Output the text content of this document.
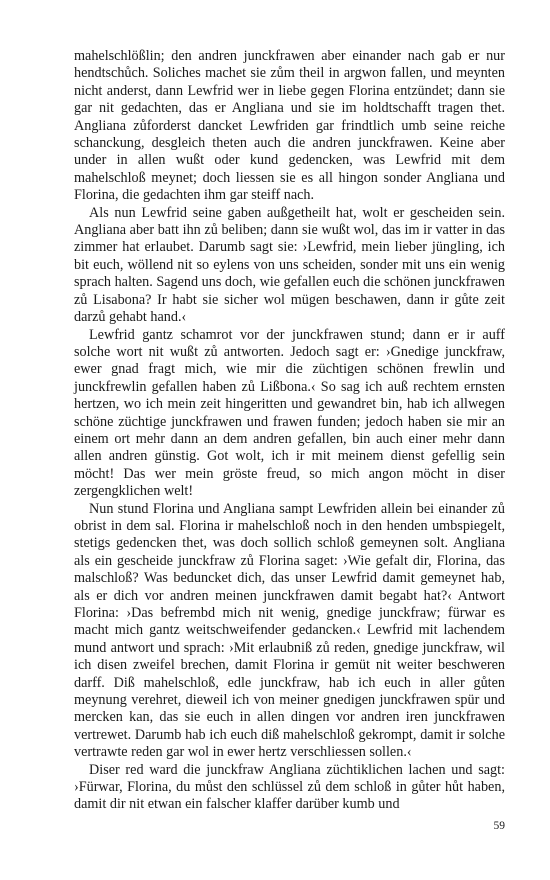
mahelschlößlin; den andren junckfrawen aber einander nach gab er nur hendtschůch. Soliches machet sie zům theil in argwon fallen, und meynten nicht anderst, dann Lewfrid wer in liebe gegen Florina entzündet; dann sie gar nit gedachten, das er Angliana und sie im holdtschafft tragen thet. Angliana zůforderst dancket Lewfriden gar frindtlich umb seine reiche schanckung, desgleich theten auch die andren junckfrawen. Keine aber under in allen wußt oder kund gedencken, was Lewfrid mit dem mahelschloß meynet; doch liessen sie es all hingon sonder Angliana und Florina, die gedachten ihm gar steiff nach.

Als nun Lewfrid seine gaben außgetheilt hat, wolt er gescheiden sein. Angliana aber batt ihn zů beliben; dann sie wußt wol, das im ir vatter in das zimmer hat erlaubet. Darumb sagt sie: ›Lewfrid, mein lieber jüngling, ich bit euch, wöllend nit so eylens von uns scheiden, sonder mit uns ein wenig sprach halten. Sagend uns doch, wie gefallen euch die schönen junckfrawen zů Lisabona? Ir habt sie sicher wol mügen beschawen, dann ir gůte zeit darzů gehabt hand.‹

Lewfrid gantz schamrot vor der junckfrawen stund; dann er ir auff solche wort nit wußt zů antworten. Jedoch sagt er: ›Gnedige junckfraw, ewer gnad fragt mich, wie mir die züchtigen schönen frewlin und junckfrewlin gefallen haben zů Lißbona.‹ So sag ich auß rechtem ernsten hertzen, wo ich mein zeit hingeritten und gewandret bin, hab ich allwegen schöne züchtige junckfrawen und frawen funden; jedoch haben sie mir an einem ort mehr dann an dem andren gefallen, bin auch einer mehr dann allen andren günstig. Got wolt, ich ir mit meinem dienst gefellig sein möcht! Das wer mein gröste freud, so mich angon möcht in diser zergengklichen welt!

Nun stund Florina und Angliana sampt Lewfriden allein bei einander zů obrist in dem sal. Florina ir mahelschloß noch in den henden umbspiegelt, stetigs gedencken thet, was doch sollich schloß gemeynen solt. Angliana als ein gescheide junckfraw zů Florina saget: ›Wie gefalt dir, Florina, das malschloß? Was beduncket dich, das unser Lewfrid damit gemeynet hab, als er dich vor andren meinen junckfrawen damit begabt hat?‹ Antwort Florina: ›Das befrembd mich nit wenig, gnedige junckfraw; fürwar es macht mich gantz weitschweifender gedancken.‹ Lewfrid mit lachendem mund antwort und sprach: ›Mit erlaubniß zů reden, gnedige junckfraw, wil ich disen zweifel brechen, damit Florina ir gemüt nit weiter beschweren darff. Diß mahelschloß, edle junckfraw, hab ich euch in aller gůten meynung verehret, dieweil ich von meiner gnedigen junckfrawen spür und mercken kan, das sie euch in allen dingen vor andren iren junckfrawen vertrewet. Darumb hab ich euch diß mahelschloß gekrompt, damit ir solche vertrawte reden gar wol in ewer hertz verschliessen sollen.‹

Diser red ward die junckfraw Angliana züchtiklichen lachen und sagt: ›Fürwar, Florina, du můst den schlüssel zů dem schloß in gůter hůt haben, damit dir nit etwan ein falscher klaffer darüber kumb und

59
